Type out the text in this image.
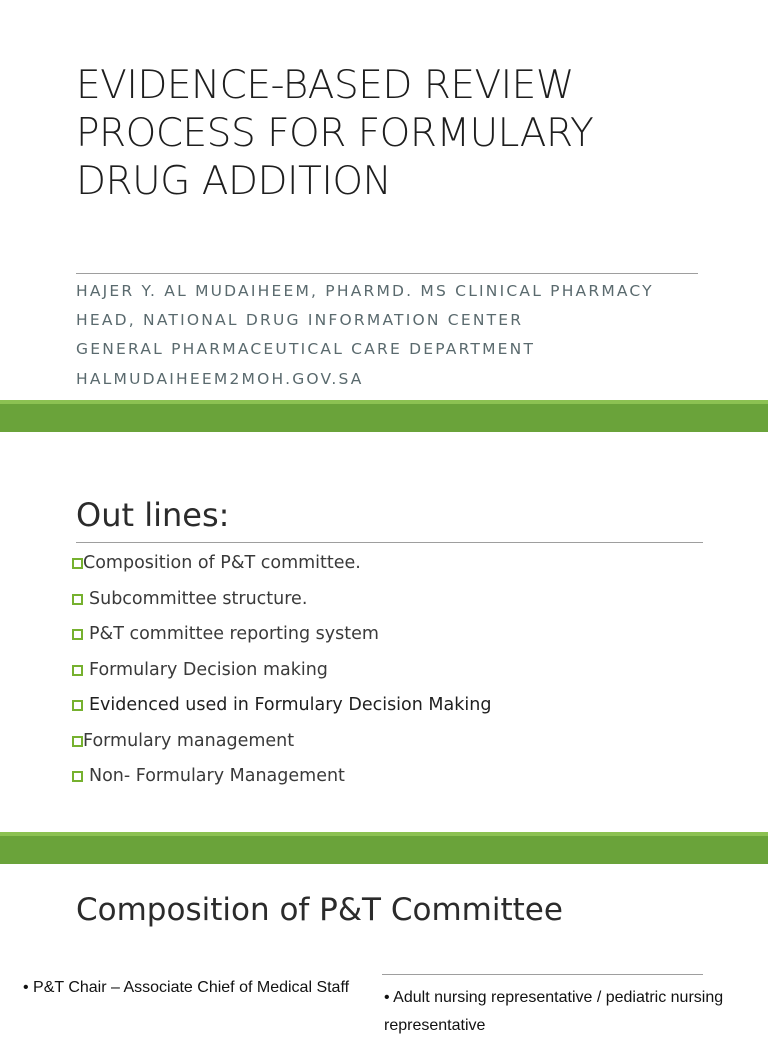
EVIDENCE-BASED REVIEW PROCESS FOR FORMULARY DRUG ADDITION
HAJER Y. AL MUDAIHEEM, PHARMD. MS CLINICAL PHARMACY
HEAD, NATIONAL DRUG INFORMATION CENTER
GENERAL PHARMACEUTICAL CARE DEPARTMENT
HALMUDAIHEEM2MOH.GOV.SA
Out lines:
Composition of P&T committee.
Subcommittee structure.
P&T committee reporting system
Formulary Decision making
Evidenced used in Formulary Decision Making
Formulary management
Non- Formulary Management
Composition of P&T Committee
• P&T Chair – Associate Chief of Medical Staff
• Adult nursing representative / pediatric nursing representative
